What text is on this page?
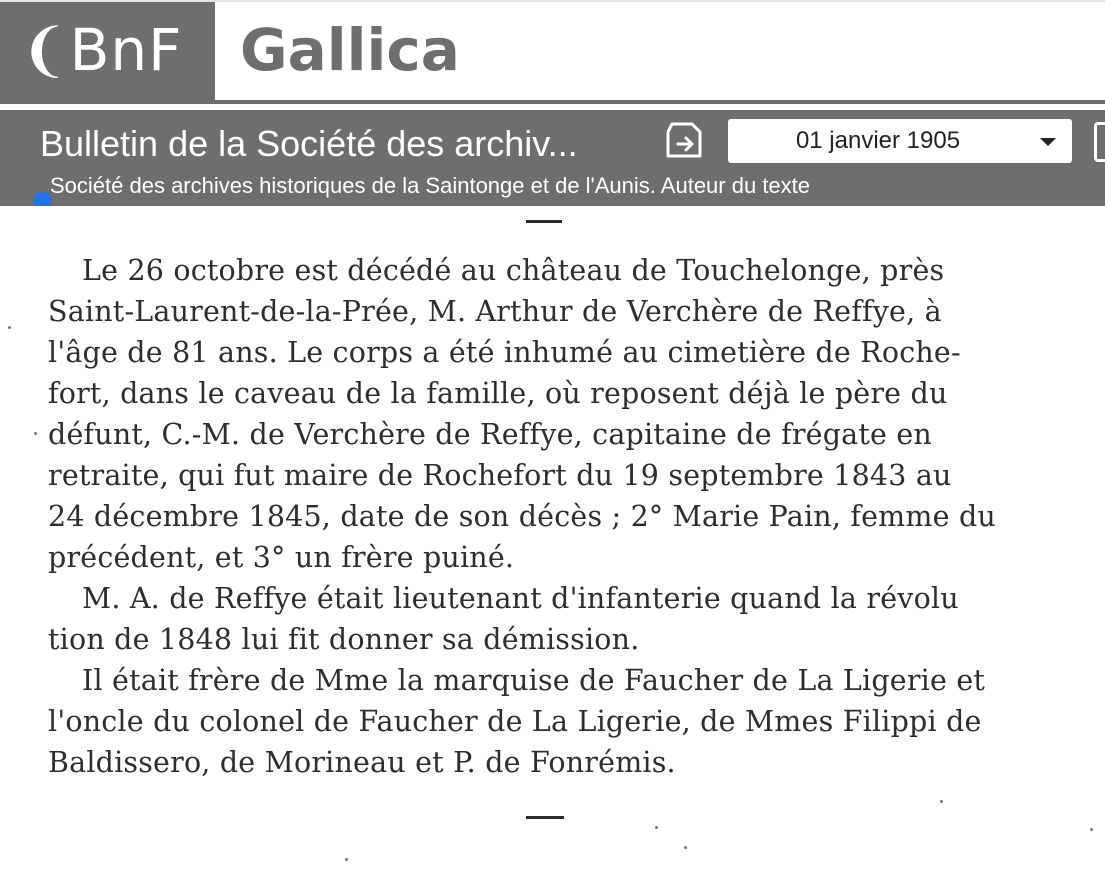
❨BnF Gallica
Bulletin de la Société des archiv...
Société des archives historiques de la Saintonge et de l'Aunis. Auteur du texte
01 janvier 1905

Le 26 octobre est décédé au château de Touchelonge, près
Saint-Laurent-de-la-Prée, M. Arthur de Verchère de Reffye, à
l'âge de 81 ans. Le corps a été inhumé au cimetière de Roche-
fort, dans le caveau de la famille, où reposent déjà le père du
défunt, C.-M. de Verchère de Reffye, capitaine de frégate en
retraite, qui fut maire de Rochefort du 19 septembre 1843 au
24 décembre 1845, date de son décès ; 2° Marie Pain, femme du
précédent, et 3° un frère puiné.

M. A. de Reffye était lieutenant d'infanterie quand la révolu
tion de 1848 lui fit donner sa démission.

Il était frère de Mme la marquise de Faucher de La Ligerie et
l'oncle du colonel de Faucher de La Ligerie, de Mmes Filippi de
Baldissero, de Morineau et P. de Fonrémis.
